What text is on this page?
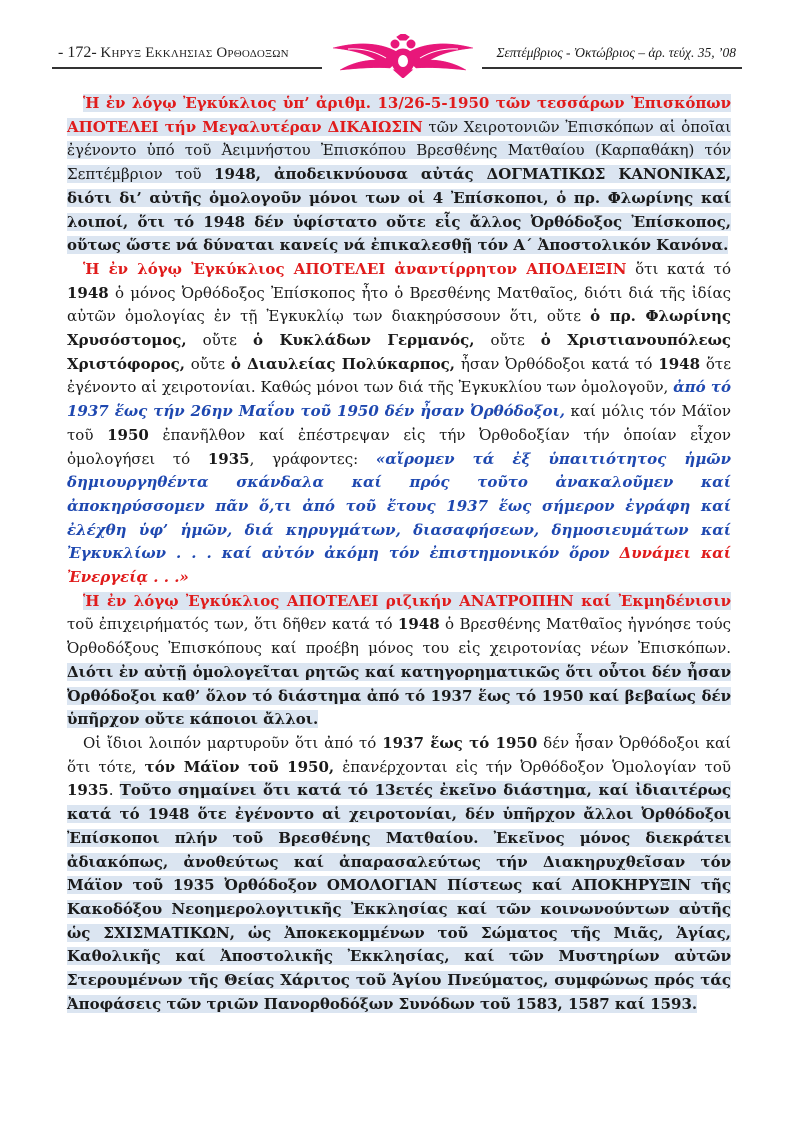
- 172- Κηρυξ Εκκλησιας Ορθοδοξων	Σεπτέμβριος - Ὀκτώβριος – ἀρ. τεύχ. 35, ’08

Ἡ ἐν λόγῳ Ἐγκύκλιος ὑπ’ ἀριθμ. 13/26-5-1950 τῶν τεσσάρων Ἐπισκόπων ΑΠΟΤΕΛΕΙ τήν Μεγαλυτέραν ΔΙΚΑΙΩΣΙΝ τῶν Χειροτονιῶν Ἐπισκόπων αἱ ὁποῖαι ἐγένοντο ὑπό τοῦ Ἀειμνήστου Ἐπισκόπου Βρεσθένης Ματθαίου (Καρπαθάκη) τόν Σεπτέμβριον τοῦ 1948, ἀποδεικνύουσα αὐτάς ΔΟΓΜΑΤΙΚΩΣ ΚΑΝΟΝΙΚΑΣ, διότι δι’ αὐτῆς ὁμολογοῦν μόνοι των οἱ 4 Ἐπίσκοποι, ὁ πρ. Φλωρίνης καί λοιποί, ὅτι τό 1948 δέν ὑφίστατο οὔτε εἷς ἄλλος Ὀρθόδοξος Ἐπίσκοπος, οὕτως ὥστε νά δύναται κανείς νά ἐπικαλεσθῇ τόν Α΄ Ἀποστολικόν Κανόνα.

Ἡ ἐν λόγῳ Ἐγκύκλιος ΑΠΟΤΕΛΕΙ ἀναντίρρητον ΑΠΟΔΕΙΞΙΝ ὅτι κατά τό 1948 ὁ μόνος Ὀρθόδοξος Ἐπίσκοπος ἦτο ὁ Βρεσθένης Ματθαῖος, διότι διά τῆς ἰδίας αὐτῶν ὁμολογίας ἐν τῇ Ἐγκυκλίῳ των διακηρύσσουν ὅτι, οὔτε ὁ πρ. Φλωρίνης Χρυσόστομος, οὔτε ὁ Κυκλάδων Γερμανός, οὔτε ὁ Χριστιανουπόλεως Χριστόφορος, οὔτε ὁ Διαυλείας Πολύκαρπος, ἦσαν Ὀρθόδοξοι κατά τό 1948 ὅτε ἐγένοντο αἱ χειροτονίαι. Καθώς μόνοι των διά τῆς Ἐγκυκλίου των ὁμολογοῦν, ἀπό τό 1937 ἕως τήν 26ην Μαΐου τοῦ 1950 δέν ἦσαν Ὀρθόδοξοι, καί μόλις τόν Μάϊον τοῦ 1950 ἐπανῆλθον καί ἐπέστρεψαν εἰς τήν Ὀρθοδοξίαν τήν ὁποίαν εἶχον ὁμολογήσει τό 1935, γράφοντες: «αἴρομεν τά ἐξ ὑπαιτιότητος ἡμῶν δημιουργηθέντα σκάνδαλα καί πρός τοῦτο ἀνακαλοῦμεν καί ἀποκηρύσσομεν πᾶν ὅ,τι ἀπό τοῦ ἔτους 1937 ἕως σήμερον ἐγράφη καί ἐλέχθη ὑφ’ ἡμῶν, διά κηρυγμάτων, διασαφήσεων, δημοσιευμάτων καί Ἐγκυκλίων . . . καί αὐτόν ἀκόμη τόν ἐπιστημονικόν ὅρον Δυνάμει καί Ἐνεργείᾳ . . .»

Ἡ ἐν λόγῳ Ἐγκύκλιος ΑΠΟΤΕΛΕΙ ριζικήν ΑΝΑΤΡΟΠΗΝ καί Ἐκμηδένισιν τοῦ ἐπιχειρήματός των, ὅτι δῆθεν κατά τό 1948 ὁ Βρεσθένης Ματθαῖος ἠγνόησε τούς Ὀρθοδόξους Ἐπισκόπους καί προέβη μόνος του εἰς χειροτονίας νέων Ἐπισκόπων. Διότι ἐν αὐτῇ ὁμολογεῖται ρητῶς καί κατηγορηματικῶς ὅτι οὗτοι δέν ἦσαν Ὀρθόδοξοι καθ’ ὅλον τό διάστημα ἀπό τό 1937 ἕως τό 1950 καί βεβαίως δέν ὑπῆρχον οὔτε κάποιοι ἄλλοι.

Οἱ ἴδιοι λοιπόν μαρτυροῦν ὅτι ἀπό τό 1937 ἕως τό 1950 δέν ἦσαν Ὀρθόδοξοι καί ὅτι τότε, τόν Μάϊον τοῦ 1950, ἐπανέρχονται εἰς τήν Ὀρθόδοξον Ὁμολογίαν τοῦ 1935. Τοῦτο σημαίνει ὅτι κατά τό 13ετές ἐκεῖνο διάστημα, καί ἰδιαιτέρως κατά τό 1948 ὅτε ἐγένοντο αἱ χειροτονίαι, δέν ὑπῆρχον ἄλλοι Ὀρθόδοξοι Ἐπίσκοποι πλήν τοῦ Βρεσθένης Ματθαίου. Ἐκεῖνος μόνος διεκράτει ἀδιακόπως, ἀνοθεύτως καί ἀπαρασαλεύτως τήν Διακηρυχθεῖσαν τόν Μάϊον τοῦ 1935 Ὀρθόδοξον ΟΜΟΛΟΓΙΑΝ Πίστεως καί ΑΠΟΚΗΡΥΞΙΝ τῆς Κακοδόξου Νεοημερολογιτικῆς Ἐκκλησίας καί τῶν κοινωνούντων αὐτῆς ὡς ΣΧΙΣΜΑΤΙΚΩΝ, ὡς Ἀποκεκομμένων τοῦ Σώματος τῆς Μιᾶς, Ἁγίας, Καθολικῆς καί Ἀποστολικῆς Ἐκκλησίας, καί τῶν Μυστηρίων αὐτῶν Στερουμένων τῆς Θείας Χάριτος τοῦ Ἁγίου Πνεύματος, συμφώνως πρός τάς Ἀποφάσεις τῶν τριῶν Πανορθοδόξων Συνόδων τοῦ 1583, 1587 καί 1593.
